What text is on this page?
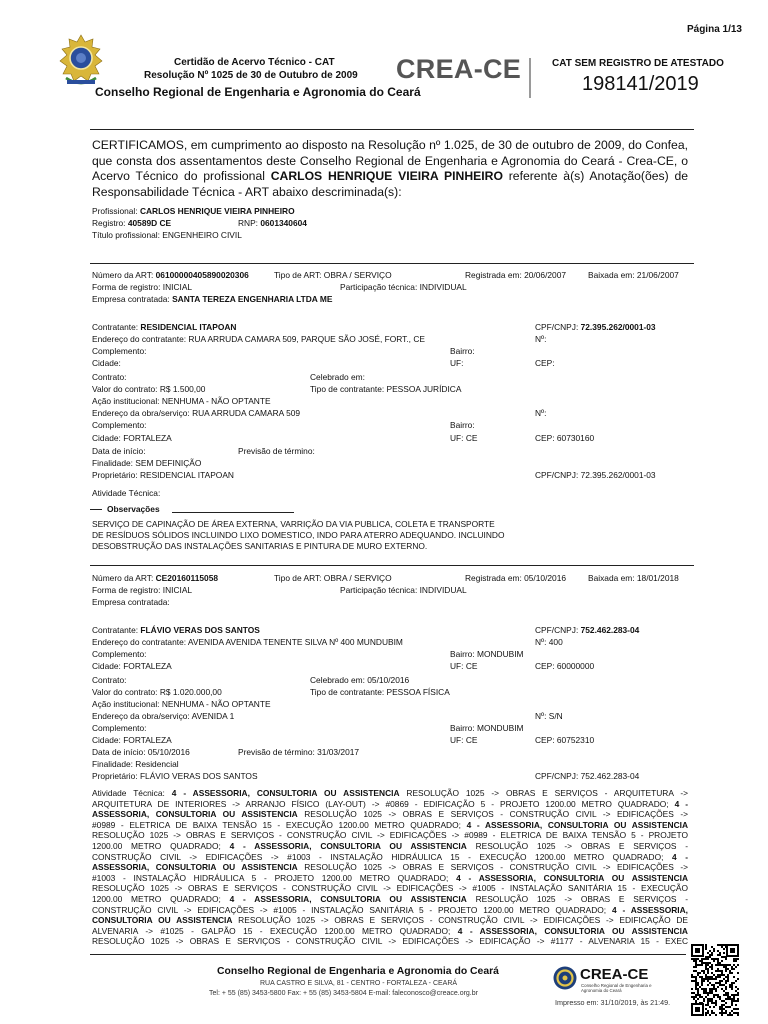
Página 1/13
Certidão de Acervo Técnico - CAT
Resolução Nº 1025 de 30 de Outubro de 2009
Conselho Regional de Engenharia e Agronomia do Ceará
CREA-CE	CAT SEM REGISTRO DE ATESTADO
198141/2019
CERTIFICAMOS, em cumprimento ao disposto na Resolução nº 1.025, de 30 de outubro de 2009, do Confea, que consta dos assentamentos deste Conselho Regional de Engenharia e Agronomia do Ceará - Crea-CE, o Acervo Técnico do profissional CARLOS HENRIQUE VIEIRA PINHEIRO referente à(s) Anotação(ões) de Responsabilidade Técnica - ART abaixo descriminada(s):
Profissional: CARLOS HENRIQUE VIEIRA PINHEIRO
Registro: 40589D CE	RNP: 0601340604
Título profissional: ENGENHEIRO CIVIL
Número da ART: 06100000405890020306	Tipo de ART: OBRA / SERVIÇO	Registrada em: 20/06/2007	Baixada em: 21/06/2007
Forma de registro: INICIAL	Participação técnica: INDIVIDUAL
Empresa contratada: SANTA TEREZA ENGENHARIA LTDA ME
Contratante: RESIDENCIAL ITAPOAN	CPF/CNPJ: 72.395.262/0001-03
Endereço do contratante: RUA ARRUDA CAMARA 509, PARQUE SÃO JOSÉ, FORT., CE	Nº:
Complemento:	Bairro:
Cidade:	UF:	CEP:
Contrato:	Celebrado em:
Valor do contrato: R$ 1.500,00	Tipo de contratante: PESSOA JURÍDICA
Ação institucional: NENHUMA - NÃO OPTANTE
Endereço da obra/serviço: RUA ARRUDA CAMARA 509	Nº:
Complemento:	Bairro:
Cidade: FORTALEZA	UF: CE	CEP: 60730160
Data de início:	Previsão de término:
Finalidade: SEM DEFINIÇÃO
Proprietário: RESIDENCIAL ITAPOAN	CPF/CNPJ: 72.395.262/0001-03
Atividade Técnica:
Observações
SERVIÇO DE CAPINAÇÃO DE ÁREA EXTERNA, VARRIÇÃO DA VIA PUBLICA, COLETA E TRANSPORTE
DE RESÍDUOS SÓLIDOS INCLUINDO LIXO DOMESTICO, INDO PARA ATERRO ADEQUANDO. INCLUINDO
DESOBSTRUÇÃO DAS INSTALAÇÕES SANITARIAS E PINTURA DE MURO EXTERNO.
Número da ART: CE20160115058	Tipo de ART: OBRA / SERVIÇO	Registrada em: 05/10/2016	Baixada em: 18/01/2018
Forma de registro: INICIAL	Participação técnica: INDIVIDUAL
Empresa contratada:
Contratante: FLÁVIO VERAS DOS SANTOS	CPF/CNPJ: 752.462.283-04
Endereço do contratante: AVENIDA AVENIDA TENENTE SILVA Nº 400 MUNDUBIM	Nº: 400
Complemento:	Bairro: MONDUBIM
Cidade: FORTALEZA	UF: CE	CEP: 60000000
Contrato:	Celebrado em: 05/10/2016
Valor do contrato: R$ 1.020.000,00	Tipo de contratante: PESSOA FÍSICA
Ação institucional: NENHUMA - NÃO OPTANTE
Endereço da obra/serviço: AVENIDA 1	Nº: S/N
Complemento:	Bairro: MONDUBIM
Cidade: FORTALEZA	UF: CE	CEP: 60752310
Data de início: 05/10/2016	Previsão de término: 31/03/2017
Finalidade: Residencial
Proprietário: FLÁVIO VERAS DOS SANTOS	CPF/CNPJ: 752.462.283-04
Atividade Técnica: 4 - ASSESSORIA, CONSULTORIA OU ASSISTENCIA RESOLUÇÃO 1025 -> OBRAS E SERVIÇOS - ARQUITETURA ->
ARQUITETURA DE INTERIORES -> ARRANJO FÍSICO (LAY-OUT) -> #0869 - EDIFICAÇÃO 5 - PROJETO 1200.00 METRO QUADRADO; 4 -
ASSESSORIA, CONSULTORIA OU ASSISTENCIA RESOLUÇÃO 1025 -> OBRAS E SERVIÇOS - CONSTRUÇÃO CIVIL -> EDIFICAÇÕES ->
#0989 - ELETRICA DE BAIXA TENSÃO 15 - EXECUÇÃO 1200.00 METRO QUADRADO; 4 - ASSESSORIA, CONSULTORIA OU ASSISTENCIA
RESOLUÇÃO 1025 -> OBRAS E SERVIÇOS - CONSTRUÇÃO CIVIL -> EDIFICAÇÕES -> #0989 - ELETRICA DE BAIXA TENSÃO 5 - PROJETO
1200.00 METRO QUADRADO; 4 - ASSESSORIA, CONSULTORIA OU ASSISTENCIA RESOLUÇÃO 1025 -> OBRAS E SERVIÇOS -
CONSTRUÇÃO CIVIL -> EDIFICAÇÕES -> #1003 - INSTALAÇÃO HIDRÁULICA 15 - EXECUÇÃO 1200.00 METRO QUADRADO; 4 -
ASSESSORIA, CONSULTORIA OU ASSISTENCIA RESOLUÇÃO 1025 -> OBRAS E SERVIÇOS - CONSTRUÇÃO CIVIL -> EDIFICAÇÕES ->
#1003 - INSTALAÇÃO HIDRÁULICA 5 - PROJETO 1200.00 METRO QUADRADO; 4 - ASSESSORIA, CONSULTORIA OU ASSISTENCIA
RESOLUÇÃO 1025 -> OBRAS E SERVIÇOS - CONSTRUÇÃO CIVIL -> EDIFICAÇÕES -> #1005 - INSTALAÇÃO SANITÁRIA 15 - EXECUÇÃO
1200.00 METRO QUADRADO; 4 - ASSESSORIA, CONSULTORIA OU ASSISTENCIA RESOLUÇÃO 1025 -> OBRAS E SERVIÇOS -
CONSTRUÇÃO CIVIL -> EDIFICAÇÕES -> #1005 - INSTALAÇÃO SANITÁRIA 5 - PROJETO 1200.00 METRO QUADRADO; 4 - ASSESSORIA,
CONSULTORIA OU ASSISTENCIA RESOLUÇÃO 1025 -> OBRAS E SERVIÇOS - CONSTRUÇÃO CIVIL -> EDIFICAÇÕES -> EDIFICAÇÃO DE
ALVENARIA -> #1025 - GALPÃO 15 - EXECUÇÃO 1200.00 METRO QUADRADO; 4 - ASSESSORIA, CONSULTORIA OU ASSISTENCIA
RESOLUÇÃO 1025 -> OBRAS E SERVIÇOS - CONSTRUÇÃO CIVIL -> EDIFICAÇÕES -> EDIFICAÇÃO -> #1177 - ALVENARIA 15 - EXEC
Conselho Regional de Engenharia e Agronomia do Ceará
RUA CASTRO E SILVA, 81 - CENTRO - FORTALEZA - CEARÁ
Tel: + 55 (85) 3453-5800 Fax: + 55 (85) 3453-5804 E-mail: faleconosco@creace.org.br
CREA-CE
Conselho Regional de Engenharia e Agronomia do Ceará
Impresso em: 31/10/2019, às 21:49.
